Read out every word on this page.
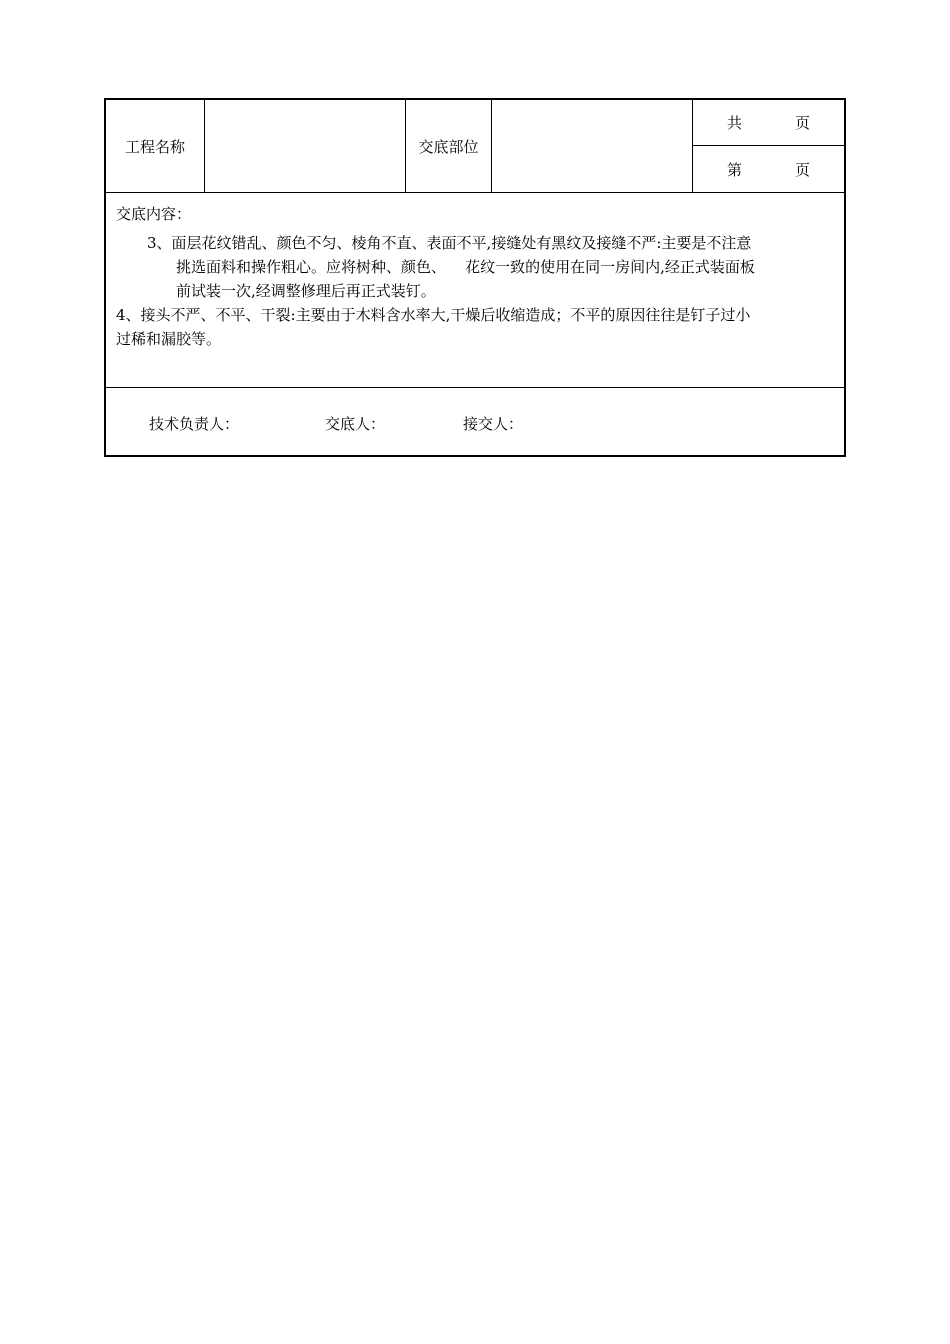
工程名称	交底部位
共	页
第	页
交底内容：
3、面层花纹错乱、颜色不匀、棱角不直、表面不平,接缝处有黑纹及接缝不严:主要是不注意
挑选面料和操作粗心。应将树种、颜色、    花纹一致的使用在同一房间内,经正式装面板
前试装一次,经调整修理后再正式装钉。
4、接头不严、不平、干裂:主要由于木料含水率大,干燥后收缩造成；不平的原因往往是钉子过小
过稀和漏胶等。
技术负责人：	交底人：	接交人：
